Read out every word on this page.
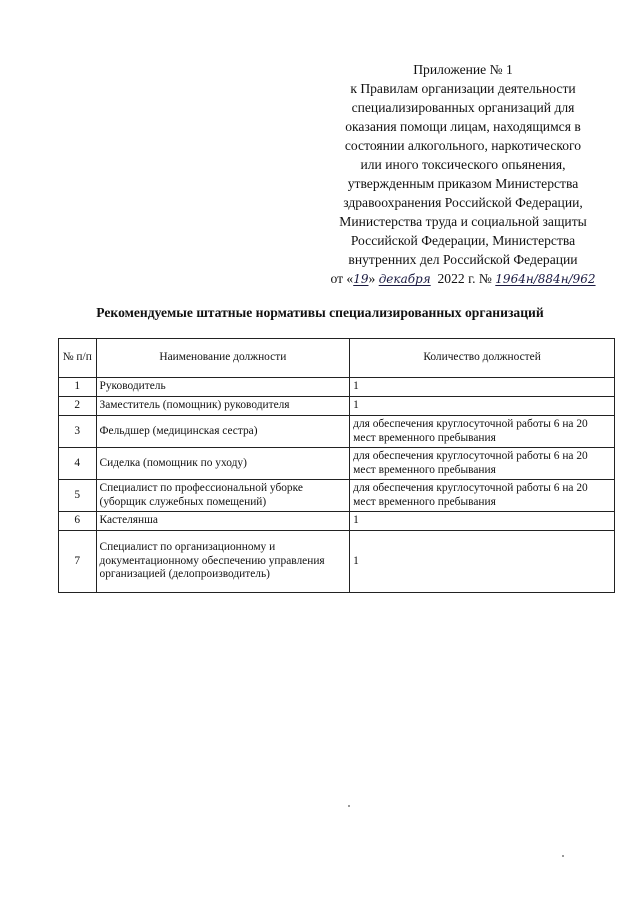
Приложение № 1
к Правилам организации деятельности
специализированных организаций для
оказания помощи лицам, находящимся в
состоянии алкогольного, наркотического
или иного токсического опьянения,
утвержденным приказом Министерства
здравоохранения Российской Федерации,
Министерства труда и социальной защиты
Российской Федерации, Министерства
внутренних дел Российской Федерации
от «19» декабря 2022 г. № 1964н/884н/962
Рекомендуемые штатные нормативы специализированных организаций
№ п/п	Наименование должности	Количество должностей
1	Руководитель	1
2	Заместитель (помощник) руководителя	1
3	Фельдшер (медицинская сестра)	для обеспечения круглосуточной работы 6 на 20 мест временного пребывания
4	Сиделка (помощник по уходу)	для обеспечения круглосуточной работы 6 на 20 мест временного пребывания
5	Специалист по профессиональной уборке (уборщик служебных помещений)	для обеспечения круглосуточной работы 6 на 20 мест временного пребывания
6	Кастелянша	1
7	Специалист по организационному и документационному обеспечению управления организацией (делопроизводитель)	1
